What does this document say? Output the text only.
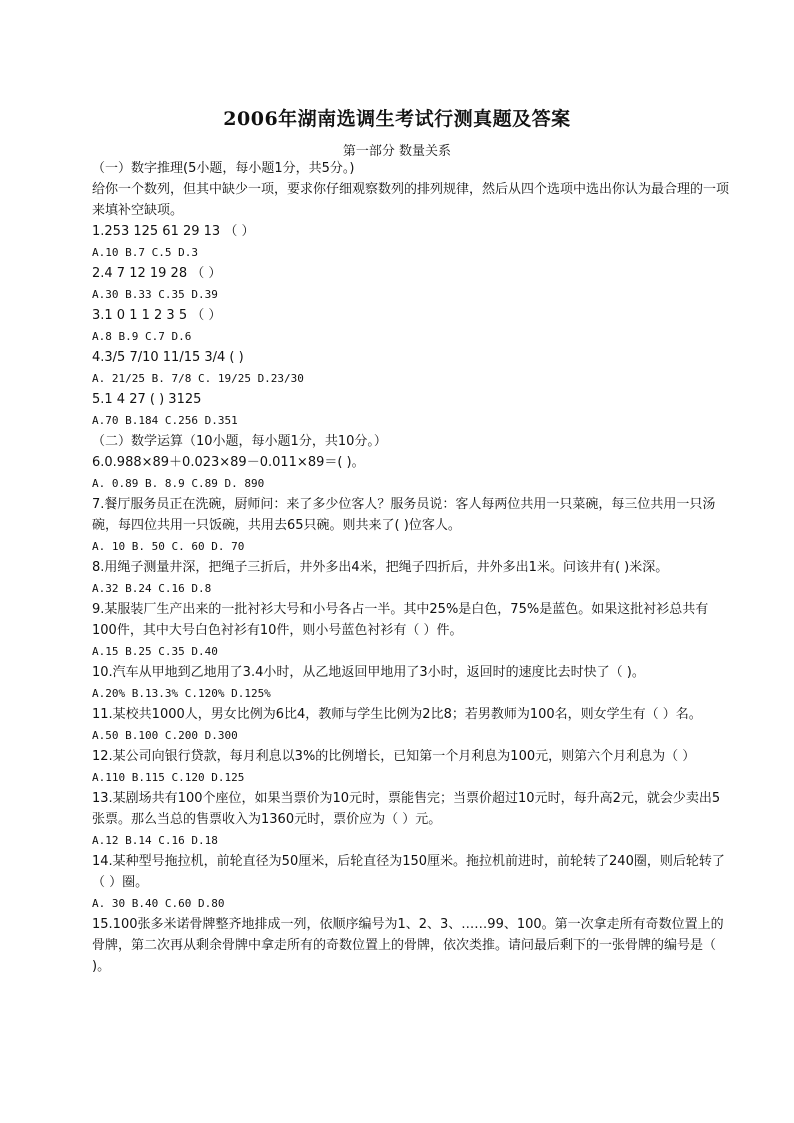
2006年湖南选调生考试行测真题及答案
第一部分 数量关系
（一）数字推理(5小题，每小题1分，共5分。)
给你一个数列，但其中缺少一项，要求你仔细观察数列的排列规律，然后从四个选项中选出你认为最合理的一项来填补空缺项。
1.253 125 61 29 13 （ ）
A.10 B.7 C.5 D.3
2.4 7 12 19 28 （ ）
A.30 B.33 C.35 D.39
3.1 0 1 1 2 3 5 （ ）
A.8 B.9 C.7 D.6
4.3/5 7/10 11/15 3/4 ( )
A. 21/25 B. 7/8 C. 19/25 D.23/30
5.1 4 27 ( ) 3125
A.70 B.184 C.256 D.351
（二）数学运算（10小题，每小题1分，共10分。）
6.0.988×89＋0.023×89－0.011×89＝( )。
A. 0.89 B. 8.9 C.89 D. 890
7.餐厅服务员正在洗碗，厨师问：来了多少位客人？服务员说：客人每两位共用一只菜碗，每三位共用一只汤碗，每四位共用一只饭碗，共用去65只碗。则共来了( )位客人。
A. 10 B. 50 C. 60 D. 70
8.用绳子测量井深，把绳子三折后，井外多出4米，把绳子四折后，井外多出1米。问该井有( )米深。
A.32 B.24 C.16 D.8
9.某服装厂生产出来的一批衬衫大号和小号各占一半。其中25%是白色，75%是蓝色。如果这批衬衫总共有100件，其中大号白色衬衫有10件，则小号蓝色衬衫有（ ）件。
A.15 B.25 C.35 D.40
10.汽车从甲地到乙地用了3.4小时，从乙地返回甲地用了3小时，返回时的速度比去时快了（ )。
A.20% B.13.3% C.120% D.125%
11.某校共1000人，男女比例为6比4，教师与学生比例为2比8；若男教师为100名，则女学生有（ ）名。
A.50 B.100 C.200 D.300
12.某公司向银行贷款，每月利息以3%的比例增长，已知第一个月利息为100元，则第六个月利息为（ ）
A.110 B.115 C.120 D.125
13.某剧场共有100个座位，如果当票价为10元时，票能售完；当票价超过10元时，每升高2元，就会少卖出5张票。那么当总的售票收入为1360元时，票价应为（ ）元。
A.12 B.14 C.16 D.18
14.某种型号拖拉机，前轮直径为50厘米，后轮直径为150厘米。拖拉机前进时，前轮转了240圈，则后轮转了（ ）圈。
A. 30 B.40 C.60 D.80
15.100张多米诺骨牌整齐地排成一列，依顺序编号为1、2、3、……99、100。第一次拿走所有奇数位置上的骨牌，第二次再从剩余骨牌中拿走所有的奇数位置上的骨牌，依次类推。请问最后剩下的一张骨牌的编号是（ )。
